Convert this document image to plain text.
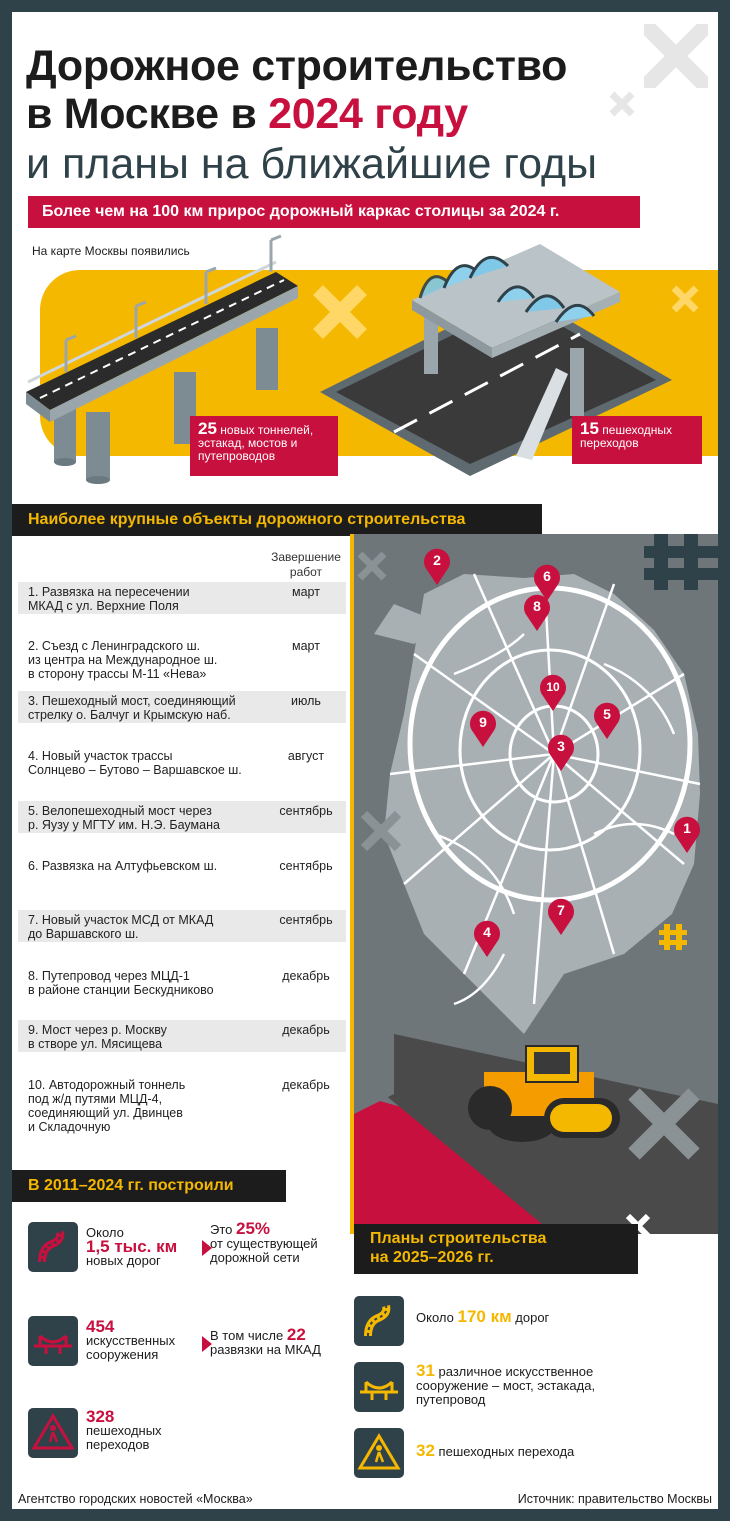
Дорожное строительство
в Москве в 2024 году
и планы на ближайшие годы
Более чем на 100 км прирос дорожный каркас столицы за 2024 г.
На карте Москвы появились
25 новых тоннелей, эстакад, мостов и путепроводов
15 пешеходных переходов
Наиболее крупные объекты дорожного строительства
Завершение работ
1. Развязка на пересечении
МКАД с ул. Верхние Поля
март
2. Съезд с Ленинградского ш.
из центра на Международное ш.
в сторону трассы М-11 «Нева»
март
3. Пешеходный мост, соединяющий
стрелку о. Балчуг и Крымскую наб.
июль
4. Новый участок трассы
Солнцево – Бутово – Варшавское ш.
август
5. Велопешеходный мост через
р. Яузу у МГТУ им. Н.Э. Баумана
сентябрь
6. Развязка на Алтуфьевском ш.	сентябрь
7. Новый участок МСД от МКАД
до Варшавского ш.
сентябрь
8. Путепровод через МЦД-1
в районе станции Бескудниково
декабрь
9. Мост через р. Москву
в створе ул. Мясищева
декабрь
10. Автодорожный тоннель
под ж/д путями МЦД-4,
соединяющий ул. Двинцев
и Складочную
декабрь
2
6
8
10
9	5
3
1
7
4
В 2011–2024 гг. построили
Около
1,5 тыс. км
новых дорог
Это 25%
от существующей дорожной сети
454
искусственных сооружения
В том числе 22
развязки на МКАД
328
пешеходных переходов
Планы строительства
на 2025–2026 гг.
Около 170 км дорог
31 различное искусственное сооружение – мост, эстакада, путепровод
32 пешеходных перехода
Агентство городских новостей «Москва»	Источник: правительство Москвы
